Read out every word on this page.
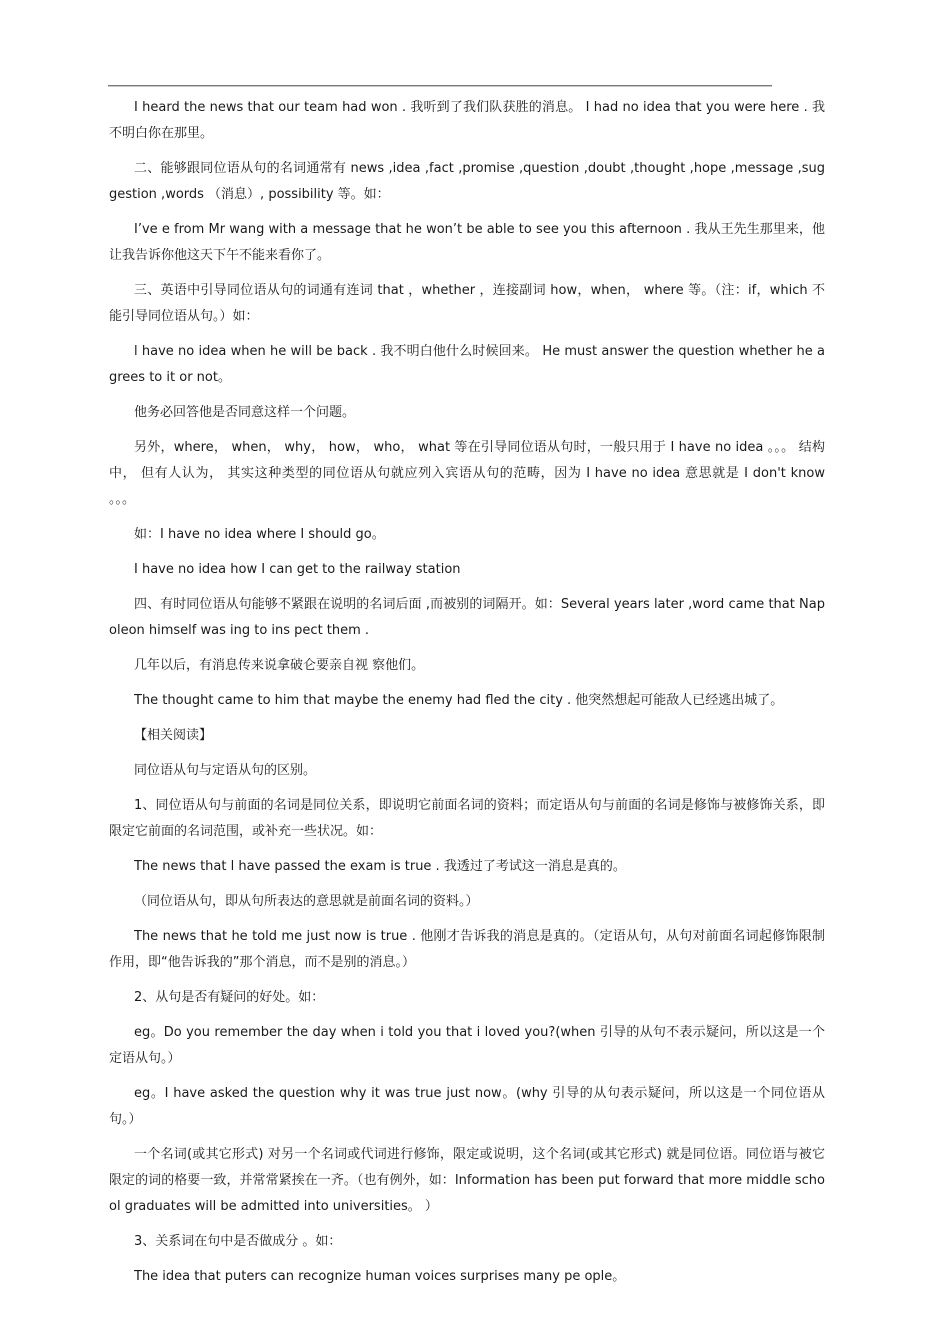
I heard the news that our team had won . 我听到了我们队获胜的消息。 I had no idea that you were here . 我不明白你在那里。

二、能够跟同位语从句的名词通常有 news ,idea ,fact ,promise ,question ,doubt ,thought ,hope ,message ,suggestion ,words （消息）, possibility 等。如：

I’ve e from Mr wang with a message that he won’t be able to see you this afternoon . 我从王先生那里来，他让我告诉你他这天下午不能来看你了。

三、英语中引导同位语从句的词通有连词 that ，whether ，连接副词 how，when， where 等。（注：if，which 不能引导同位语从句。）如：

l have no idea when he will be back . 我不明白他什么时候回来。 He must answer the question whether he agrees to it or not。

他务必回答他是否同意这样一个问题。

另外，where， when， why， how， who， what 等在引导同位语从句时，一般只用于 I have no idea 。。。 结构中， 但有人认为， 其实这种类型的同位语从句就应列入宾语从句的范畴，因为 I have no idea 意思就是 I don't know 。。。

如：I have no idea where I should go。

I have no idea how I can get to the railway station

四、有时同位语从句能够不紧跟在说明的名词后面 ,而被别的词隔开。如：Several years later ,word came that Napoleon himself was ing to ins pect them .

几年以后，有消息传来说拿破仑要亲自视 察他们。

The thought came to him that maybe the enemy had fled the city . 他突然想起可能敌人已经逃出城了。

【相关阅读】

同位语从句与定语从句的区别。

1、同位语从句与前面的名词是同位关系，即说明它前面名词的资料；而定语从句与前面的名词是修饰与被修饰关系，即限定它前面的名词范围，或补充一些状况。如：

The news that l have passed the exam is true . 我透过了考试这一消息是真的。

（同位语从句，即从句所表达的意思就是前面名词的资料。）

The news that he told me just now is true . 他刚才告诉我的消息是真的。（定语从句，从句对前面名词起修饰限制作用，即“他告诉我的”那个消息，而不是别的消息。）

2、从句是否有疑问的好处。如：

eg。Do you remember the day when i told you that i loved you?(when 引导的从句不表示疑问，所以这是一个定语从句。）

eg。I have asked the question why it was true just now。(why 引导的从句表示疑问，所以这是一个同位语从句。）

一个名词(或其它形式) 对另一个名词或代词进行修饰，限定或说明，这个名词(或其它形式) 就是同位语。同位语与被它限定的词的格要一致，并常常紧挨在一齐。（也有例外，如：Information has been put forward that more middle school graduates will be admitted into universities。 ）

3、关系词在句中是否做成分 。如：

The idea that puters can recognize human voices surprises many pe ople。
